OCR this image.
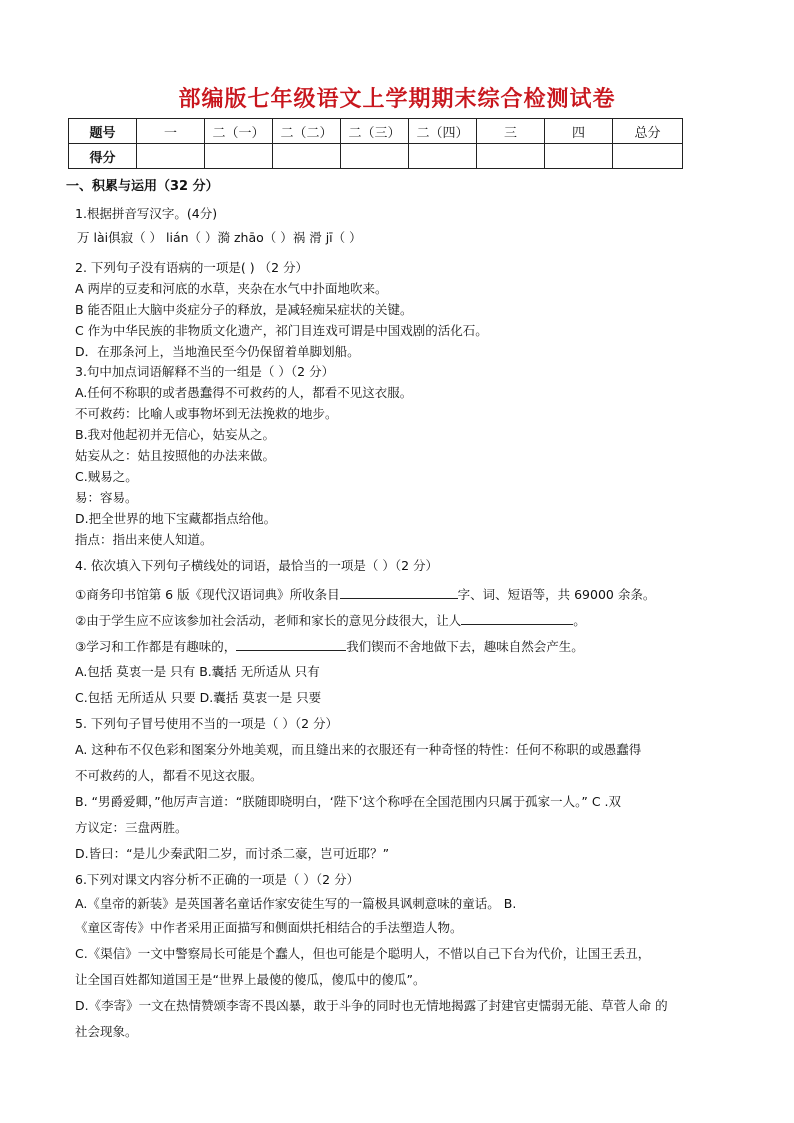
部编版七年级语文上学期期末综合检测试卷
题号	一	二（一）	二（二）	二（三）	二（四）	三	四	总分
得分								
一、积累与运用（32 分）
1.根据拼音写汉字。(4分)
万 lài俱寂（ ） lián（ ）漪 zhāo（ ）祸 滑 jī（ ）
2. 下列句子没有语病的一项是( ) （2 分）
A 两岸的豆麦和河底的水草，夹杂在水气中扑面地吹来。
B 能否阻止大脑中炎症分子的释放，是减轻痴呆症状的关键。
C 作为中华民族的非物质文化遗产，祁门目连戏可谓是中国戏剧的活化石。
D．在那条河上，当地渔民至今仍保留着单脚划船。
3.句中加点词语解释不当的一组是（ ）（2 分）
A.任何不称职的或者愚蠢得不可救药的人，都看不见这衣服。
不可救药：比喻人或事物坏到无法挽救的地步。
B.我对他起初并无信心，姑妄从之。
姑妄从之：姑且按照他的办法来做。
C.贼易之。
易：容易。
D.把全世界的地下宝藏都指点给他。
指点：指出来使人知道。
4. 依次填入下列句子横线处的词语，最恰当的一项是（ ）（2 分）
①商务印书馆第 6 版《现代汉语词典》所收条目	字、词、短语等，共 69000 余条。
②由于学生应不应该参加社会活动，老师和家长的意见分歧很大，让人	。
③学习和工作都是有趣味的，	我们锲而不舍地做下去，趣味自然会产生。
A.包括 莫衷一是 只有 B.囊括 无所适从 只有
C.包括 无所适从 只要 D.囊括 莫衷一是 只要
5. 下列句子冒号使用不当的一项是（ ）（2 分）
A. 这种布不仅色彩和图案分外地美观，而且缝出来的衣服还有一种奇怪的特性：任何不称职的或愚蠢得
不可救药的人，都看不见这衣服。
B. “男爵爱卿，”他厉声言道：“朕随即晓明白，‘陛下’这个称呼在全国范围内只属于孤家一人。” C .双
方议定：三盘两胜。
D.皆曰：“是儿少秦武阳二岁，而讨杀二豪，岂可近耶？”
6.下列对课文内容分析不正确的一项是（ ）（2 分）
A.《皇帝的新装》是英国著名童话作家安徒生写的一篇极具讽刺意味的童话。 B.
《童区寄传》中作者采用正面描写和侧面烘托相结合的手法塑造人物。
C.《渠信》一文中警察局长可能是个蠢人，但也可能是个聪明人，不惜以自己下台为代价，让国王丢丑，
让全国百姓都知道国王是“世界上最傻的傻瓜，傻瓜中的傻瓜”。
D.《李寄》一文在热情赞颂李寄不畏凶暴，敢于斗争的同时也无情地揭露了封建官吏懦弱无能、草菅人命 的
社会现象。
